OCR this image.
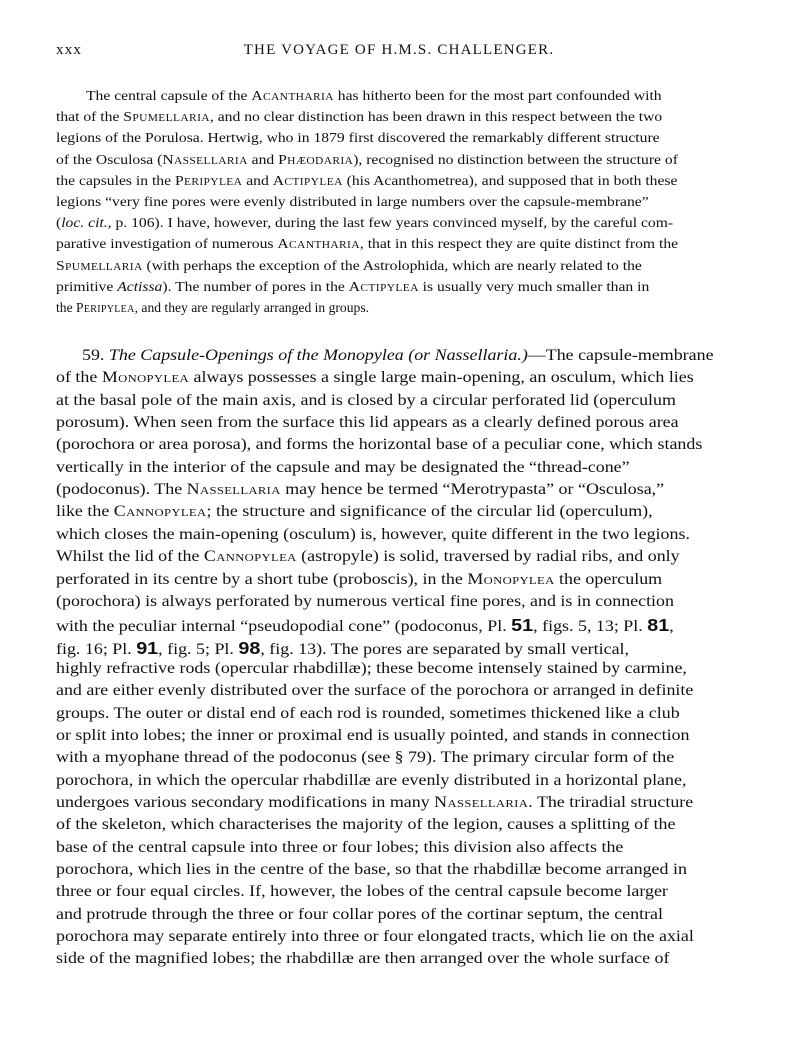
xxx	THE VOYAGE OF H.M.S. CHALLENGER.
The central capsule of the Acantharia has hitherto been for the most part confounded with
that of the Spumellaria, and no clear distinction has been drawn in this respect between the two
legions of the Porulosa. Hertwig, who in 1879 first discovered the remarkably different structure
of the Osculosa (Nassellaria and Phæodaria), recognised no distinction between the structure of
the capsules in the Peripylea and Actipylea (his Acanthometrea), and supposed that in both these
legions “very fine pores were evenly distributed in large numbers over the capsule-membrane”
(loc. cit., p. 106). I have, however, during the last few years convinced myself, by the careful com-
parative investigation of numerous Acantharia, that in this respect they are quite distinct from the
Spumellaria (with perhaps the exception of the Astrolophida, which are nearly related to the
primitive Actissa). The number of pores in the Actipylea is usually very much smaller than in
the Peripylea, and they are regularly arranged in groups.
59. The Capsule-Openings of the Monopylea (or Nassellaria.)—The capsule-membrane
of the Monopylea always possesses a single large main-opening, an osculum, which lies
at the basal pole of the main axis, and is closed by a circular perforated lid (operculum
porosum). When seen from the surface this lid appears as a clearly defined porous area
(porochora or area porosa), and forms the horizontal base of a peculiar cone, which stands
vertically in the interior of the capsule and may be designated the “thread-cone”
(podoconus). The Nassellaria may hence be termed “Merotrypasta” or “Osculosa,”
like the Cannopylea; the structure and significance of the circular lid (operculum),
which closes the main-opening (osculum) is, however, quite different in the two legions.
Whilst the lid of the Cannopylea (astropyle) is solid, traversed by radial ribs, and only
perforated in its centre by a short tube (proboscis), in the Monopylea the operculum
(porochora) is always perforated by numerous vertical fine pores, and is in connection
with the peculiar internal “pseudopodial cone” (podoconus, Pl. 51, figs. 5, 13; Pl. 81,
fig. 16; Pl. 91, fig. 5; Pl. 98, fig. 13). The pores are separated by small vertical,
highly refractive rods (opercular rhabdillæ); these become intensely stained by carmine,
and are either evenly distributed over the surface of the porochora or arranged in definite
groups. The outer or distal end of each rod is rounded, sometimes thickened like a club
or split into lobes; the inner or proximal end is usually pointed, and stands in connection
with a myophane thread of the podoconus (see § 79). The primary circular form of the
porochora, in which the opercular rhabdillæ are evenly distributed in a horizontal plane,
undergoes various secondary modifications in many Nassellaria. The triradial structure
of the skeleton, which characterises the majority of the legion, causes a splitting of the
base of the central capsule into three or four lobes; this division also affects the
porochora, which lies in the centre of the base, so that the rhabdillæ become arranged in
three or four equal circles. If, however, the lobes of the central capsule become larger
and protrude through the three or four collar pores of the cortinar septum, the central
porochora may separate entirely into three or four elongated tracts, which lie on the axial
side of the magnified lobes; the rhabdillæ are then arranged over the whole surface of
